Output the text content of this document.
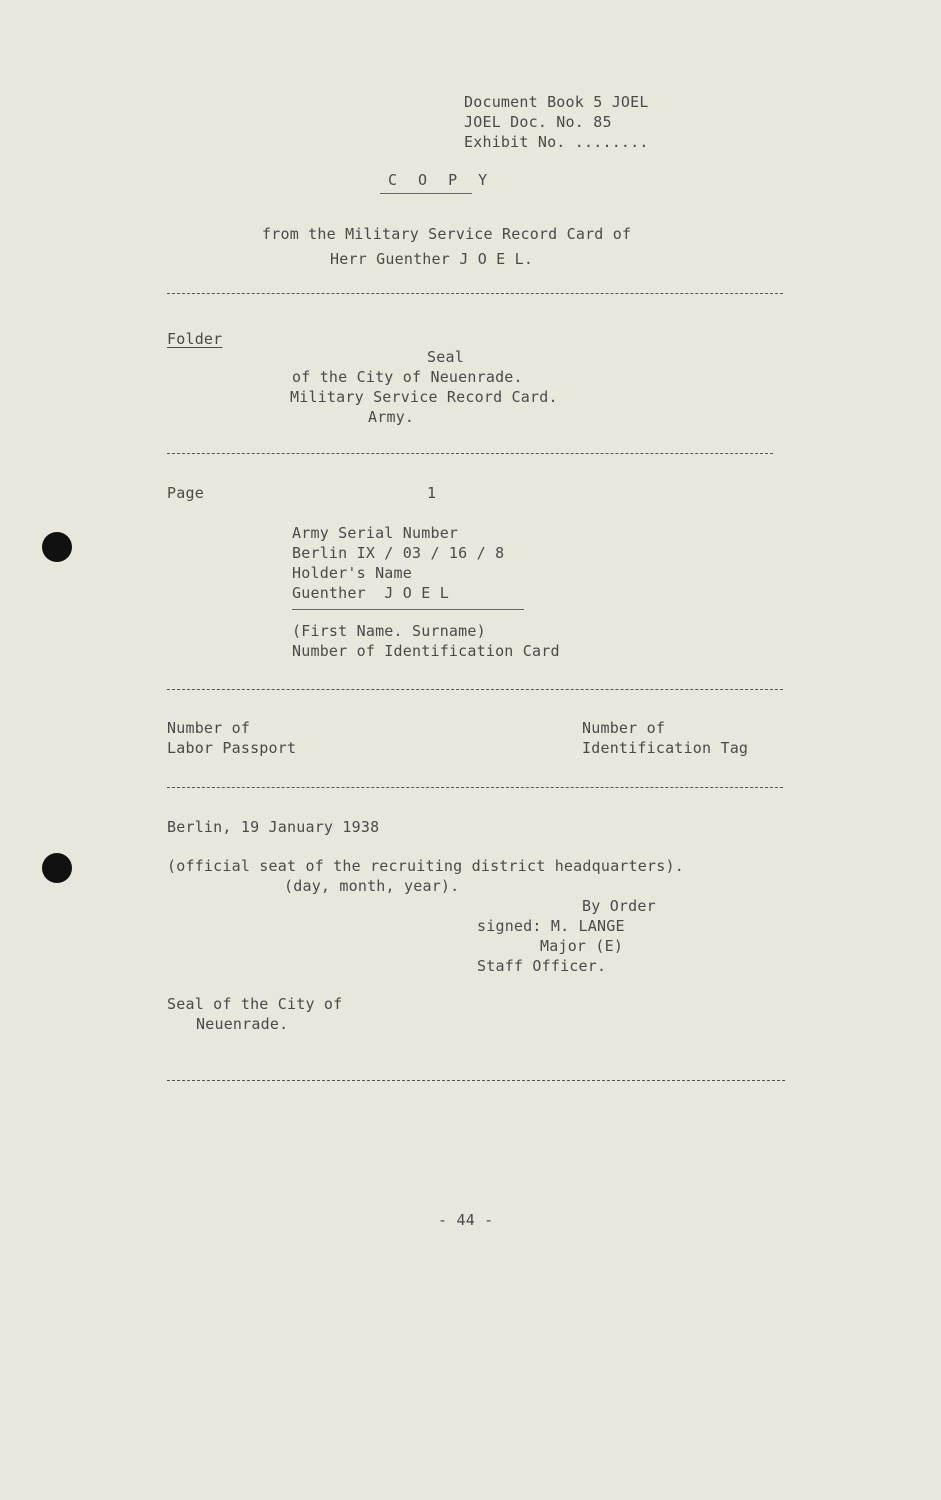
Document Book 5 JOEL
JOEL Doc. No. 85
Exhibit No. ........
C O P Y
from the Military Service Record Card of
Herr Guenther J O E L.
Folder
Seal
of the City of Neuenrade.
Military Service Record Card.
Army.
Page	1
Army Serial Number
Berlin IX / 03 / 16 / 8
Holder's Name
Guenther  J O E L
(First Name. Surname)
Number of Identification Card
Number of
Labor Passport
Number of
Identification Tag
Berlin, 19 January 1938
(official seat of the recruiting district headquarters).
(day, month, year).
By Order
signed: M. LANGE
Major (E)
Staff Officer.
Seal of the City of
Neuenrade.
- 44 -
